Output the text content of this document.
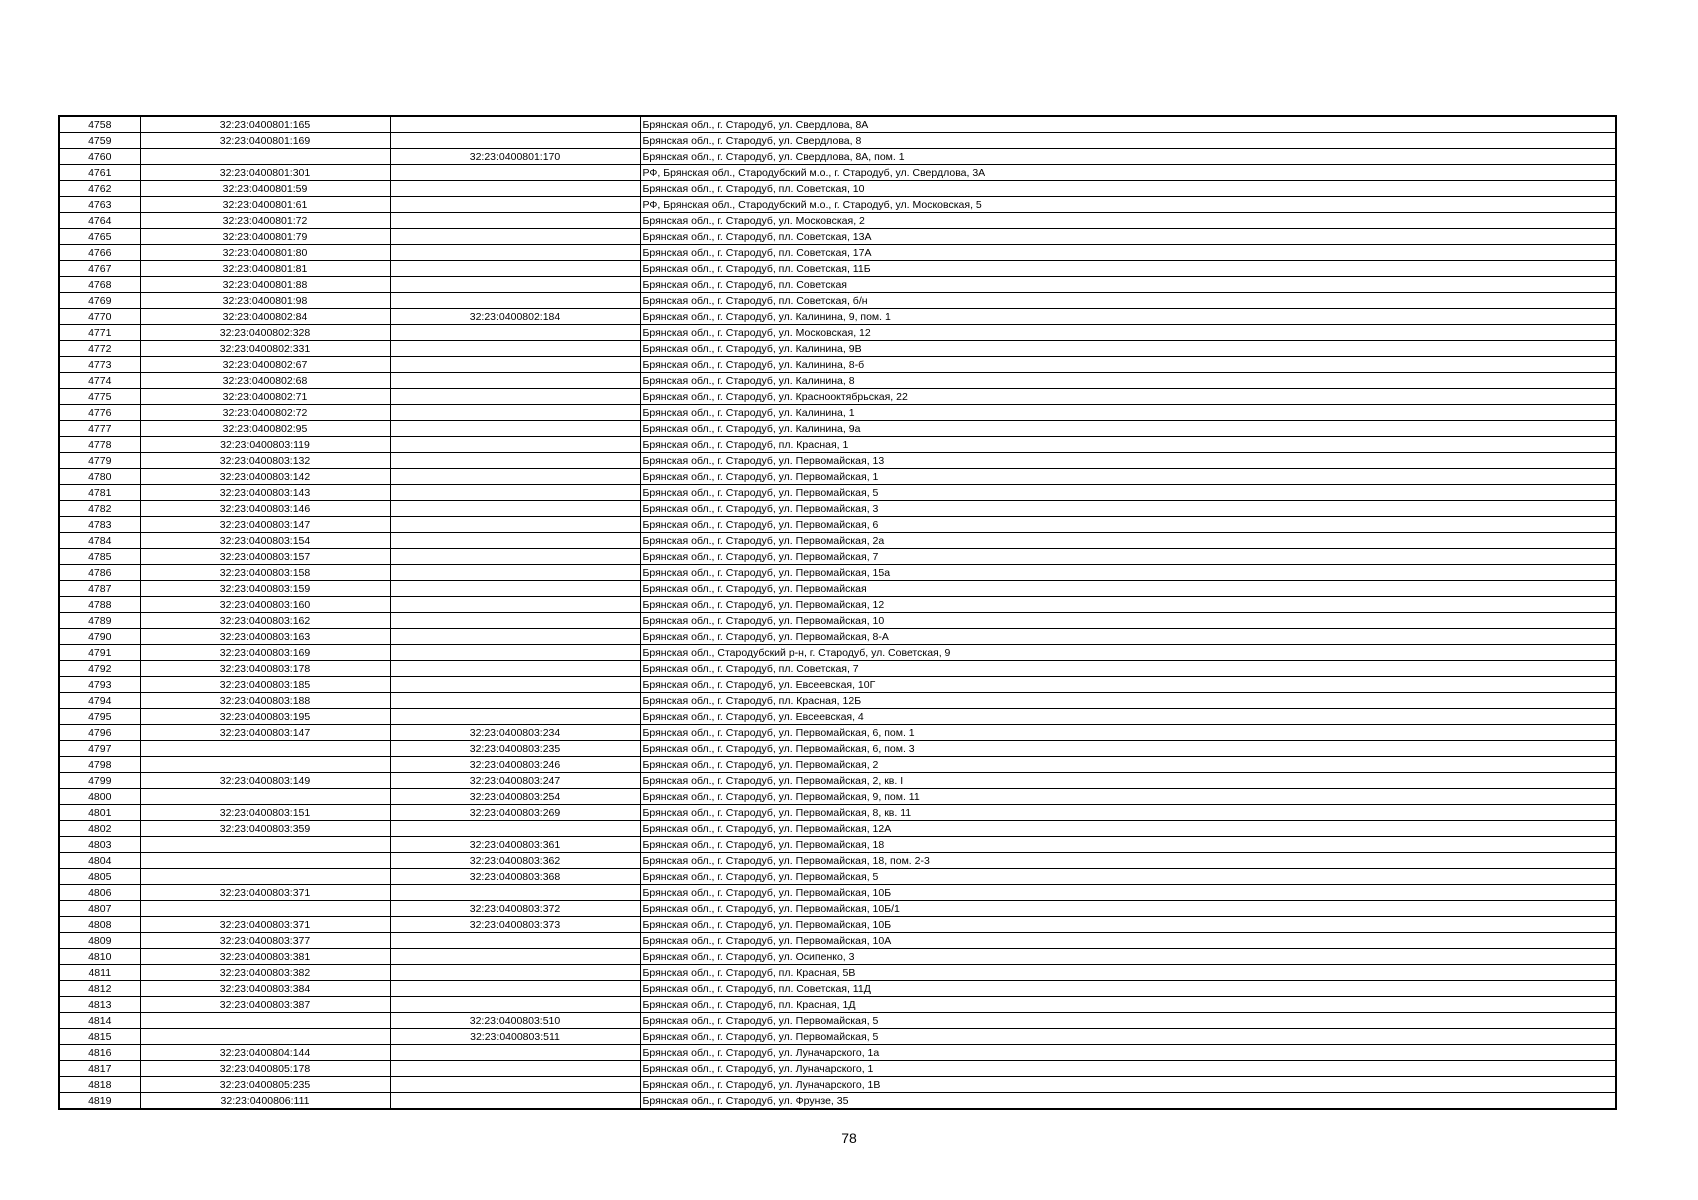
4758	32:23:0400801:165		Брянская обл., г. Стародуб, ул. Свердлова, 8А
4759	32:23:0400801:169		Брянская обл., г. Стародуб, ул. Свердлова, 8
4760		32:23:0400801:170	Брянская обл., г. Стародуб, ул. Свердлова, 8А, пом. 1
4761	32:23:0400801:301		РФ, Брянская обл., Стародубский м.о., г. Стародуб, ул. Свердлова, 3А
4762	32:23:0400801:59		Брянская обл., г. Стародуб, пл. Советская, 10
4763	32:23:0400801:61		РФ, Брянская обл., Стародубский м.о., г. Стародуб, ул. Московская, 5
4764	32:23:0400801:72		Брянская обл., г. Стародуб, ул. Московская, 2
4765	32:23:0400801:79		Брянская обл., г. Стародуб, пл. Советская, 13А
4766	32:23:0400801:80		Брянская обл., г. Стародуб, пл. Советская, 17А
4767	32:23:0400801:81		Брянская обл., г. Стародуб, пл. Советская, 11Б
4768	32:23:0400801:88		Брянская обл., г. Стародуб, пл. Советская
4769	32:23:0400801:98		Брянская обл., г. Стародуб, пл. Советская, б/н
4770	32:23:0400802:84	32:23:0400802:184	Брянская обл., г. Стародуб, ул. Калинина, 9, пом. 1
4771	32:23:0400802:328		Брянская обл., г. Стародуб, ул. Московская, 12
4772	32:23:0400802:331		Брянская обл., г. Стародуб, ул. Калинина, 9В
4773	32:23:0400802:67		Брянская обл., г. Стародуб, ул. Калинина, 8-б
4774	32:23:0400802:68		Брянская обл., г. Стародуб, ул. Калинина, 8
4775	32:23:0400802:71		Брянская обл., г. Стародуб, ул. Краснооктябрьская, 22
4776	32:23:0400802:72		Брянская обл., г. Стародуб, ул. Калинина, 1
4777	32:23:0400802:95		Брянская обл., г. Стародуб, ул. Калинина, 9а
4778	32:23:0400803:119		Брянская обл., г. Стародуб, пл. Красная, 1
4779	32:23:0400803:132		Брянская обл., г. Стародуб, ул. Первомайская, 13
4780	32:23:0400803:142		Брянская обл., г. Стародуб, ул. Первомайская, 1
4781	32:23:0400803:143		Брянская обл., г. Стародуб, ул. Первомайская, 5
4782	32:23:0400803:146		Брянская обл., г. Стародуб, ул. Первомайская, 3
4783	32:23:0400803:147		Брянская обл., г. Стародуб, ул. Первомайская, 6
4784	32:23:0400803:154		Брянская обл., г. Стародуб, ул. Первомайская, 2а
4785	32:23:0400803:157		Брянская обл., г. Стародуб, ул. Первомайская, 7
4786	32:23:0400803:158		Брянская обл., г. Стародуб, ул. Первомайская, 15а
4787	32:23:0400803:159		Брянская обл., г. Стародуб, ул. Первомайская
4788	32:23:0400803:160		Брянская обл., г. Стародуб, ул. Первомайская, 12
4789	32:23:0400803:162		Брянская обл., г. Стародуб, ул. Первомайская, 10
4790	32:23:0400803:163		Брянская обл., г. Стародуб, ул. Первомайская, 8-А
4791	32:23:0400803:169		Брянская обл., Стародубский р-н, г. Стародуб, ул. Советская, 9
4792	32:23:0400803:178		Брянская обл., г. Стародуб, пл. Советская, 7
4793	32:23:0400803:185		Брянская обл., г. Стародуб, ул. Евсеевская, 10Г
4794	32:23:0400803:188		Брянская обл., г. Стародуб, пл. Красная, 12Б
4795	32:23:0400803:195		Брянская обл., г. Стародуб, ул. Евсеевская, 4
4796	32:23:0400803:147	32:23:0400803:234	Брянская обл., г. Стародуб, ул. Первомайская, 6, пом. 1
4797		32:23:0400803:235	Брянская обл., г. Стародуб, ул. Первомайская, 6, пом. 3
4798		32:23:0400803:246	Брянская обл., г. Стародуб, ул. Первомайская, 2
4799	32:23:0400803:149	32:23:0400803:247	Брянская обл., г. Стародуб, ул. Первомайская, 2, кв. I
4800		32:23:0400803:254	Брянская обл., г. Стародуб, ул. Первомайская, 9, пом. 11
4801	32:23:0400803:151	32:23:0400803:269	Брянская обл., г. Стародуб, ул. Первомайская, 8, кв. 11
4802	32:23:0400803:359		Брянская обл., г. Стародуб, ул. Первомайская, 12А
4803		32:23:0400803:361	Брянская обл., г. Стародуб, ул. Первомайская, 18
4804		32:23:0400803:362	Брянская обл., г. Стародуб, ул. Первомайская, 18, пом. 2-3
4805		32:23:0400803:368	Брянская обл., г. Стародуб, ул. Первомайская, 5
4806	32:23:0400803:371		Брянская обл., г. Стародуб, ул. Первомайская, 10Б
4807		32:23:0400803:372	Брянская обл., г. Стародуб, ул. Первомайская, 10Б/1
4808	32:23:0400803:371	32:23:0400803:373	Брянская обл., г. Стародуб, ул. Первомайская, 10Б
4809	32:23:0400803:377		Брянская обл., г. Стародуб, ул. Первомайская, 10А
4810	32:23:0400803:381		Брянская обл., г. Стародуб, ул. Осипенко, 3
4811	32:23:0400803:382		Брянская обл., г. Стародуб, пл. Красная, 5В
4812	32:23:0400803:384		Брянская обл., г. Стародуб, пл. Советская, 11Д
4813	32:23:0400803:387		Брянская обл., г. Стародуб, пл. Красная, 1Д
4814		32:23:0400803:510	Брянская обл., г. Стародуб, ул. Первомайская, 5
4815		32:23:0400803:511	Брянская обл., г. Стародуб, ул. Первомайская, 5
4816	32:23:0400804:144		Брянская обл., г. Стародуб, ул. Луначарского, 1а
4817	32:23:0400805:178		Брянская обл., г. Стародуб, ул. Луначарского, 1
4818	32:23:0400805:235		Брянская обл., г. Стародуб, ул. Луначарского, 1В
4819	32:23:0400806:111		Брянская обл., г. Стародуб, ул. Фрунзе, 35
78
